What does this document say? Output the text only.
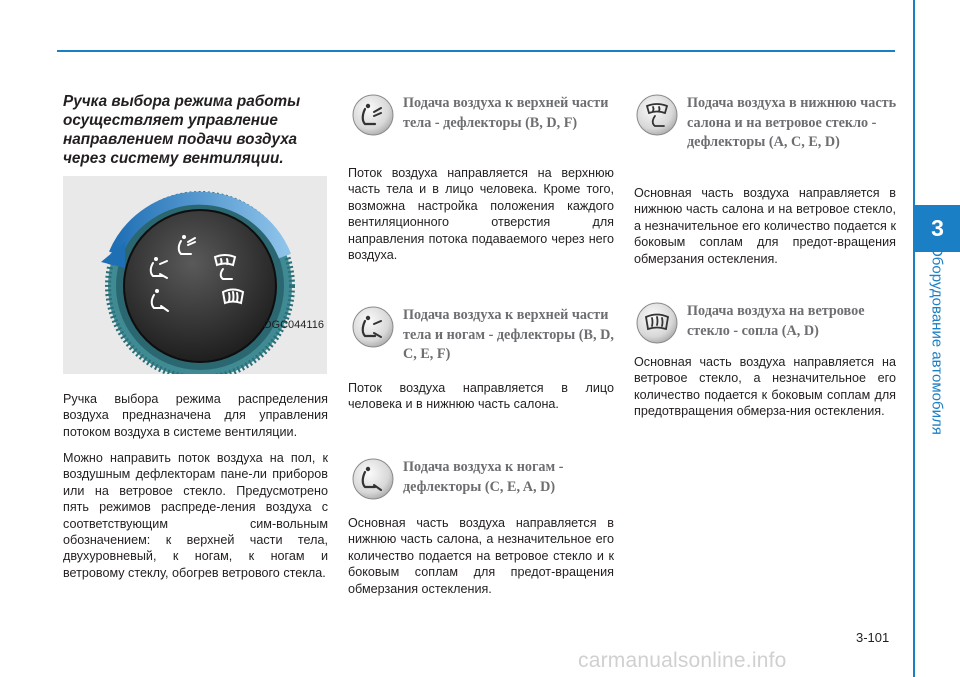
3
Оборудование автомобиля

Ручка выбора режима работы осуществляет управление направлением подачи воздуха через систему вентиляции.

OGC044116

Ручка выбора режима распределения воздуха предназначена для управления потоком воздуха в системе вентиляции.

Можно направить поток воздуха на пол, к воздушным дефлекторам пане-ли приборов или на ветровое стекло. Предусмотрено пять режимов распреде-ления воздуха с соответствующим сим-вольным обозначением: к верхней части тела, двухуровневый, к ногам, к ногам и ветровому стеклу, обогрев ветрового стекла.

Подача воздуха к верхней части тела - дефлекторы (B, D, F)

Поток воздуха направляется на верхнюю часть тела и в лицо человека. Кроме того, возможна настройка положения каждого вентиляционного отверстия для направления потока подаваемого через него воздуха.

Подача воздуха к верхней части тела и ногам - дефлекторы (B, D, C, E, F)

Поток воздуха направляется в лицо человека и в нижнюю часть салона.

Подача воздуха к ногам - дефлекторы (C, E, A, D)

Основная часть воздуха направляется в нижнюю часть салона, а незначительное его количество подается на ветровое стекло и к боковым соплам для предот-вращения обмерзания остекления.

Подача воздуха в нижнюю часть салона и на ветровое стекло - дефлекторы (A, C, E, D)

Основная часть воздуха направляется в нижнюю часть салона и на ветровое стекло, а незначительное его количество подается к боковым соплам для предот-вращения обмерзания остекления.

Подача воздуха на ветровое стекло - сопла (A, D)

Основная часть воздуха направляется на ветровое стекло, а незначительное его количество подается к боковым соплам для предотвращения обмерза-ния остекления.

3-101
carmanualsonline.info
